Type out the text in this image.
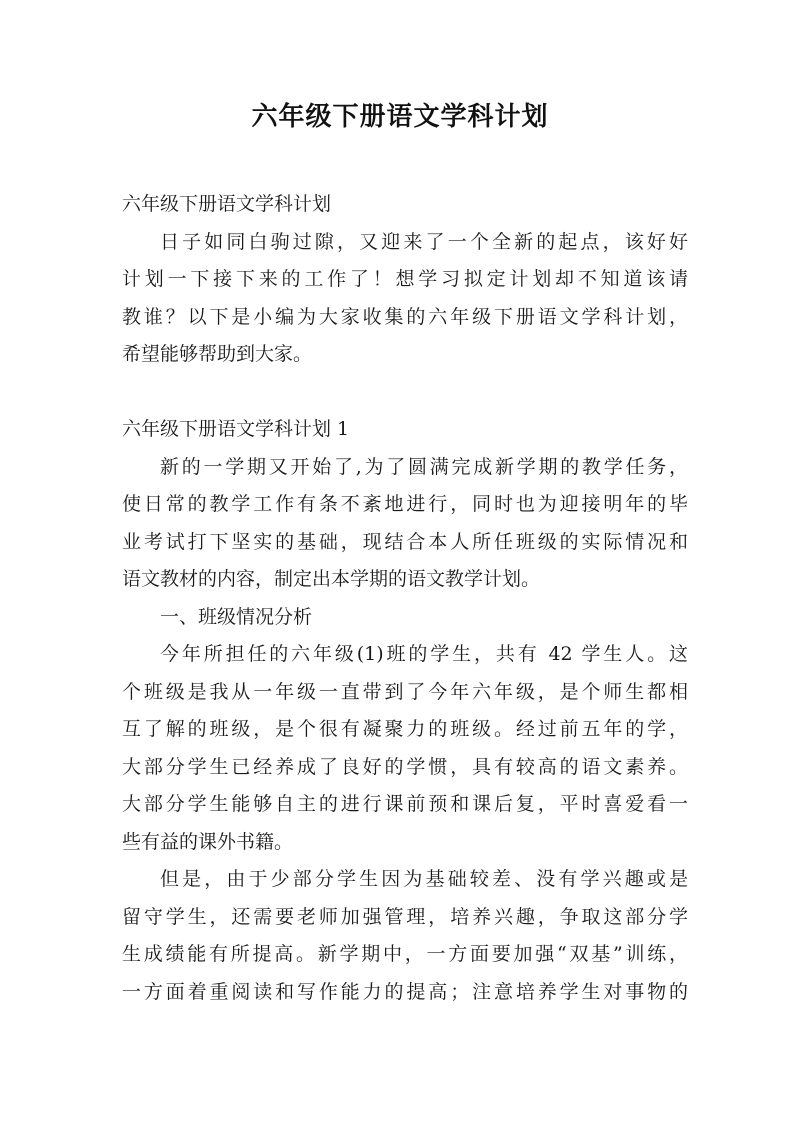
六年级下册语文学科计划
六年级下册语文学科计划
日子如同白驹过隙，又迎来了一个全新的起点，该好好
计划一下接下来的工作了！想学习拟定计划却不知道该请
教谁？以下是小编为大家收集的六年级下册语文学科计划，
希望能够帮助到大家。
六年级下册语文学科计划 1
新的一学期又开始了,为了圆满完成新学期的教学任务，
使日常的教学工作有条不紊地进行，同时也为迎接明年的毕
业考试打下坚实的基础，现结合本人所任班级的实际情况和
语文教材的内容，制定出本学期的语文教学计划。
一、班级情况分析
今年所担任的六年级(1)班的学生，共有 42 学生人。这
个班级是我从一年级一直带到了今年六年级，是个师生都相
互了解的班级，是个很有凝聚力的班级。经过前五年的学，
大部分学生已经养成了良好的学惯，具有较高的语文素养。
大部分学生能够自主的进行课前预和课后复，平时喜爱看一
些有益的课外书籍。
但是，由于少部分学生因为基础较差、没有学兴趣或是
留守学生，还需要老师加强管理，培养兴趣，争取这部分学
生成绩能有所提高。新学期中，一方面要加强“双基”训练，
一方面着重阅读和写作能力的提高；注意培养学生对事物的
